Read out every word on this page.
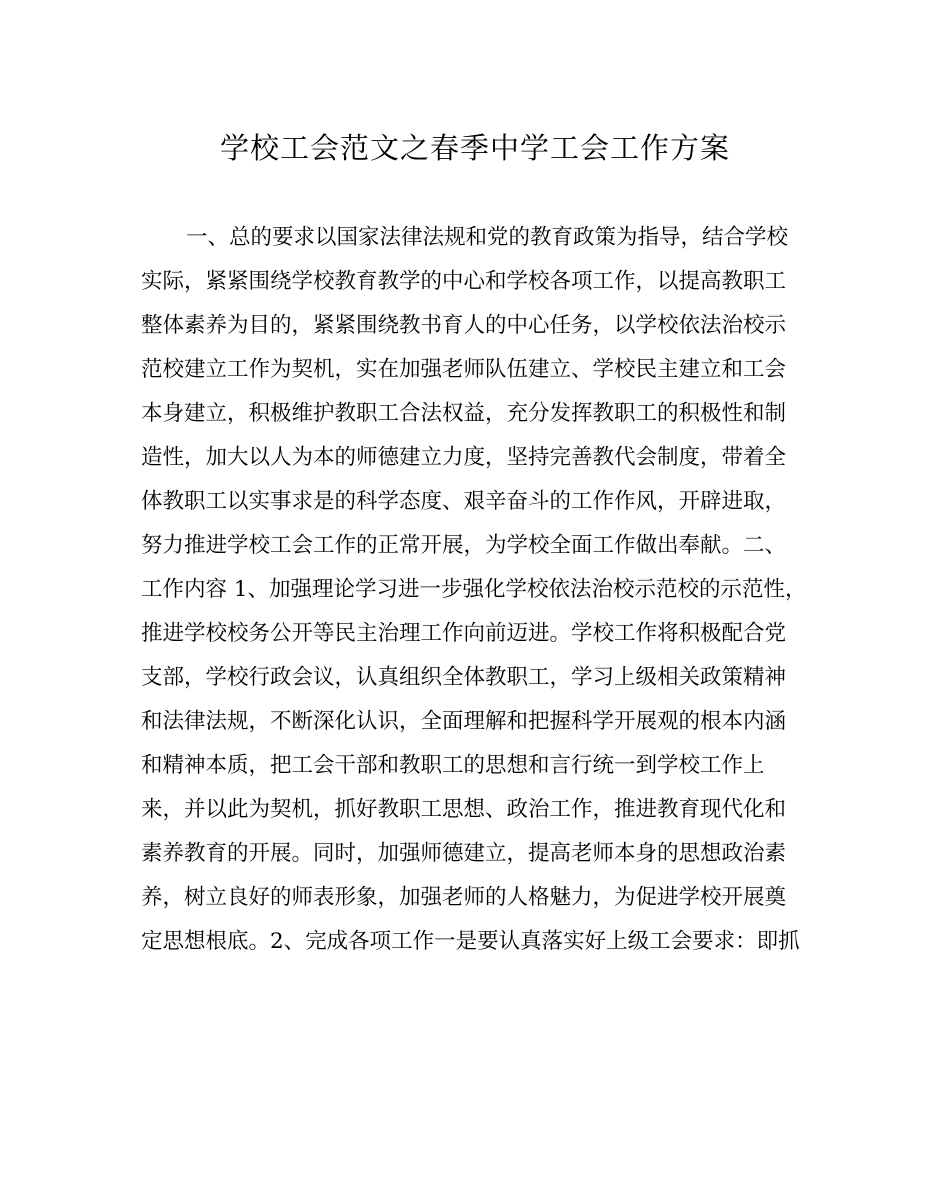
学校工会范文之春季中学工会工作方案
一、总的要求以国家法律法规和党的教育政策为指导，结合学校
实际，紧紧围绕学校教育教学的中心和学校各项工作，以提高教职工
整体素养为目的，紧紧围绕教书育人的中心任务，以学校依法治校示
范校建立工作为契机，实在加强老师队伍建立、学校民主建立和工会
本身建立，积极维护教职工合法权益，充分发挥教职工的积极性和制
造性，加大以人为本的师德建立力度，坚持完善教代会制度，带着全
体教职工以实事求是的科学态度、艰辛奋斗的工作作风，开辟进取，
努力推进学校工会工作的正常开展，为学校全面工作做出奉献。二、
工作内容 1、加强理论学习进一步强化学校依法治校示范校的示范性，
推进学校校务公开等民主治理工作向前迈进。学校工作将积极配合党
支部，学校行政会议，认真组织全体教职工，学习上级相关政策精神
和法律法规，不断深化认识，全面理解和把握科学开展观的根本内涵
和精神本质，把工会干部和教职工的思想和言行统一到学校工作上
来，并以此为契机，抓好教职工思想、政治工作，推进教育现代化和
素养教育的开展。同时，加强师德建立，提高老师本身的思想政治素
养，树立良好的师表形象，加强老师的人格魅力，为促进学校开展奠
定思想根底。2、完成各项工作一是要认真落实好上级工会要求：即抓
